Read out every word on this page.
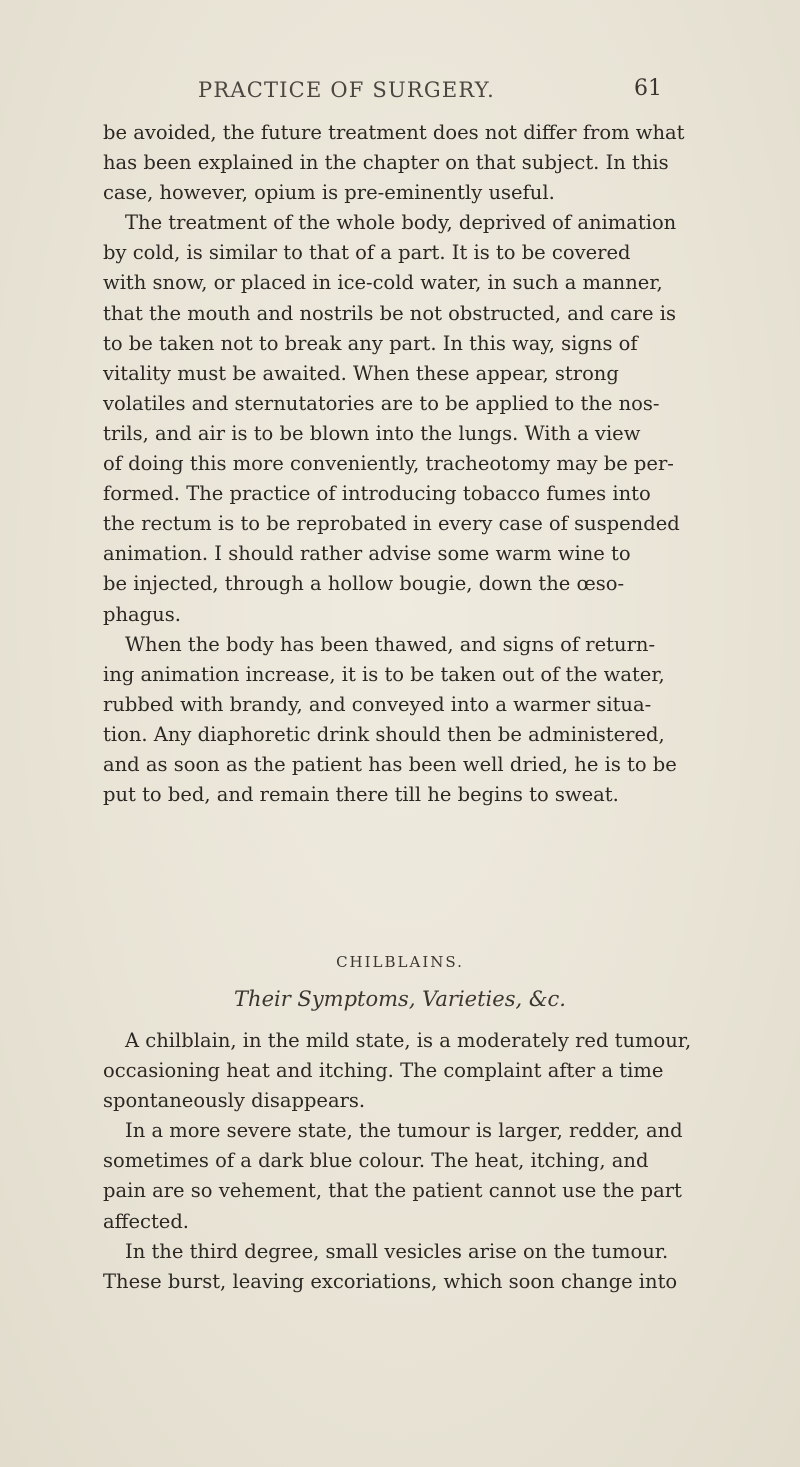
PRACTICE OF SURGERY.	61

be avoided, the future treatment does not differ from what
has been explained in the chapter on that subject. In this
case, however, opium is pre-eminently useful.

The treatment of the whole body, deprived of animation
by cold, is similar to that of a part. It is to be covered
with snow, or placed in ice-cold water, in such a manner,
that the mouth and nostrils be not obstructed, and care is
to be taken not to break any part. In this way, signs of
vitality must be awaited. When these appear, strong
volatiles and sternutatories are to be applied to the nos-
trils, and air is to be blown into the lungs. With a view
of doing this more conveniently, tracheotomy may be per-
formed. The practice of introducing tobacco fumes into
the rectum is to be reprobated in every case of suspended
animation. I should rather advise some warm wine to
be injected, through a hollow bougie, down the œso-
phagus.

When the body has been thawed, and signs of return-
ing animation increase, it is to be taken out of the water,
rubbed with brandy, and conveyed into a warmer situa-
tion. Any diaphoretic drink should then be administered,
and as soon as the patient has been well dried, he is to be
put to bed, and remain there till he begins to sweat.

CHILBLAINS.
Their Symptoms, Varieties, &c.

A chilblain, in the mild state, is a moderately red tumour,
occasioning heat and itching. The complaint after a time
spontaneously disappears.

In a more severe state, the tumour is larger, redder, and
sometimes of a dark blue colour. The heat, itching, and
pain are so vehement, that the patient cannot use the part
affected.

In the third degree, small vesicles arise on the tumour.
These burst, leaving excoriations, which soon change into
